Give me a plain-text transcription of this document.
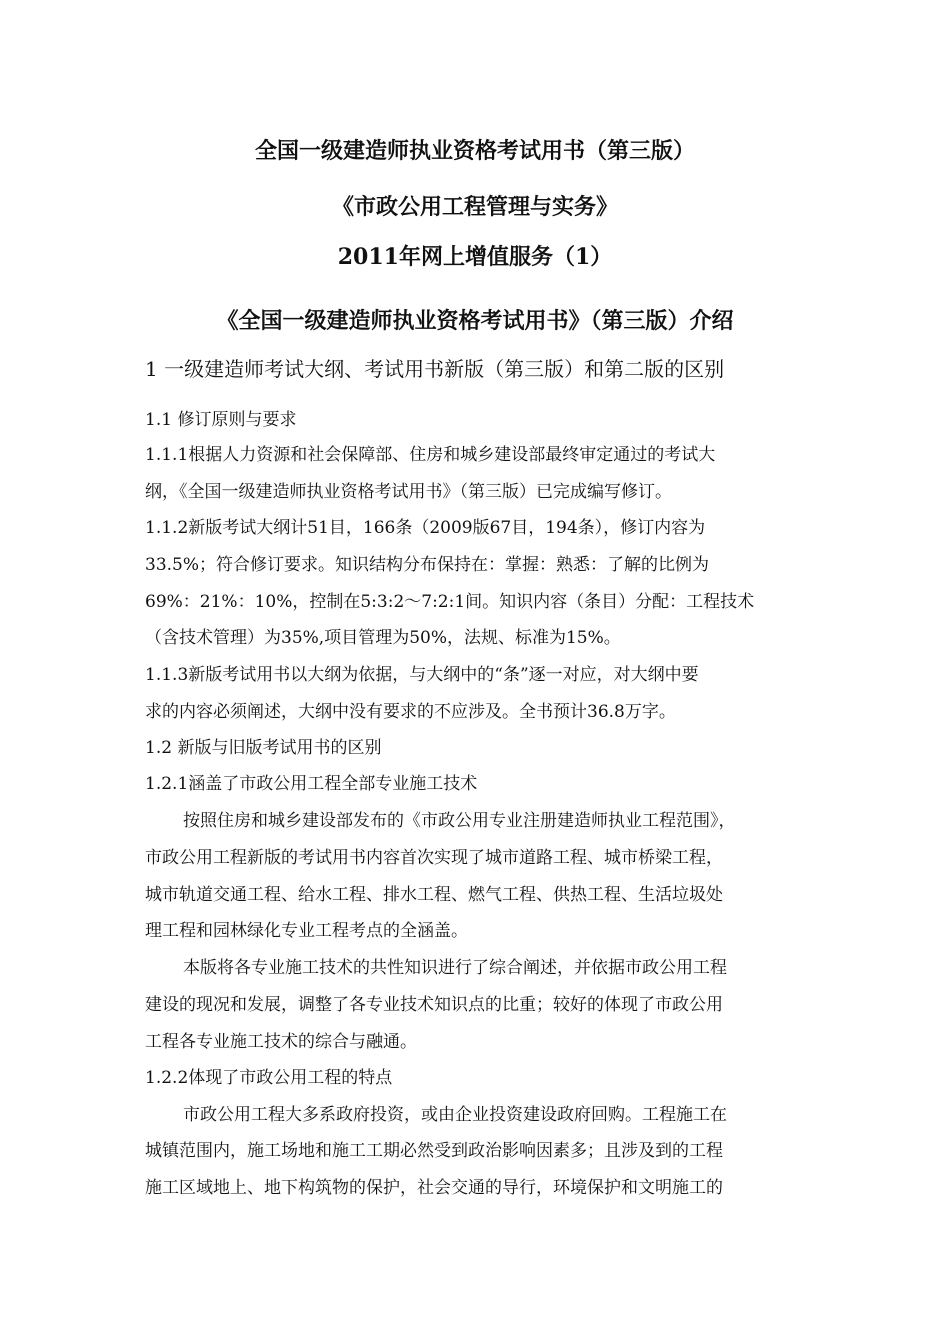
全国一级建造师执业资格考试用书（第三版）
《市政公用工程管理与实务》
2011年网上增值服务（1）
《全国一级建造师执业资格考试用书》（第三版）介绍
1 一级建造师考试大纲、考试用书新版（第三版）和第二版的区别
1.1 修订原则与要求
1.1.1根据人力资源和社会保障部、住房和城乡建设部最终审定通过的考试大
纲，《全国一级建造师执业资格考试用书》（第三版）已完成编写修订。
1.1.2新版考试大纲计51目，166条（2009版67目，194条），修订内容为
33.5%；符合修订要求。知识结构分布保持在：掌握：熟悉：了解的比例为
69%：21%：10%，控制在5:3:2～7:2:1间。知识内容（条目）分配：工程技术
（含技术管理）为35%,项目管理为50%，法规、标准为15%。
1.1.3新版考试用书以大纲为依据，与大纲中的“条”逐一对应，对大纲中要
求的内容必须阐述，大纲中没有要求的不应涉及。全书预计36.8万字。
1.2 新版与旧版考试用书的区别
1.2.1涵盖了市政公用工程全部专业施工技术
按照住房和城乡建设部发布的《市政公用专业注册建造师执业工程范围》，
市政公用工程新版的考试用书内容首次实现了城市道路工程、城市桥梁工程，
城市轨道交通工程、给水工程、排水工程、燃气工程、供热工程、生活垃圾处
理工程和园林绿化专业工程考点的全涵盖。
本版将各专业施工技术的共性知识进行了综合阐述，并依据市政公用工程
建设的现况和发展，调整了各专业技术知识点的比重；较好的体现了市政公用
工程各专业施工技术的综合与融通。
1.2.2体现了市政公用工程的特点
市政公用工程大多系政府投资，或由企业投资建设政府回购。工程施工在
城镇范围内，施工场地和施工工期必然受到政治影响因素多；且涉及到的工程
施工区域地上、地下构筑物的保护，社会交通的导行，环境保护和文明施工的
